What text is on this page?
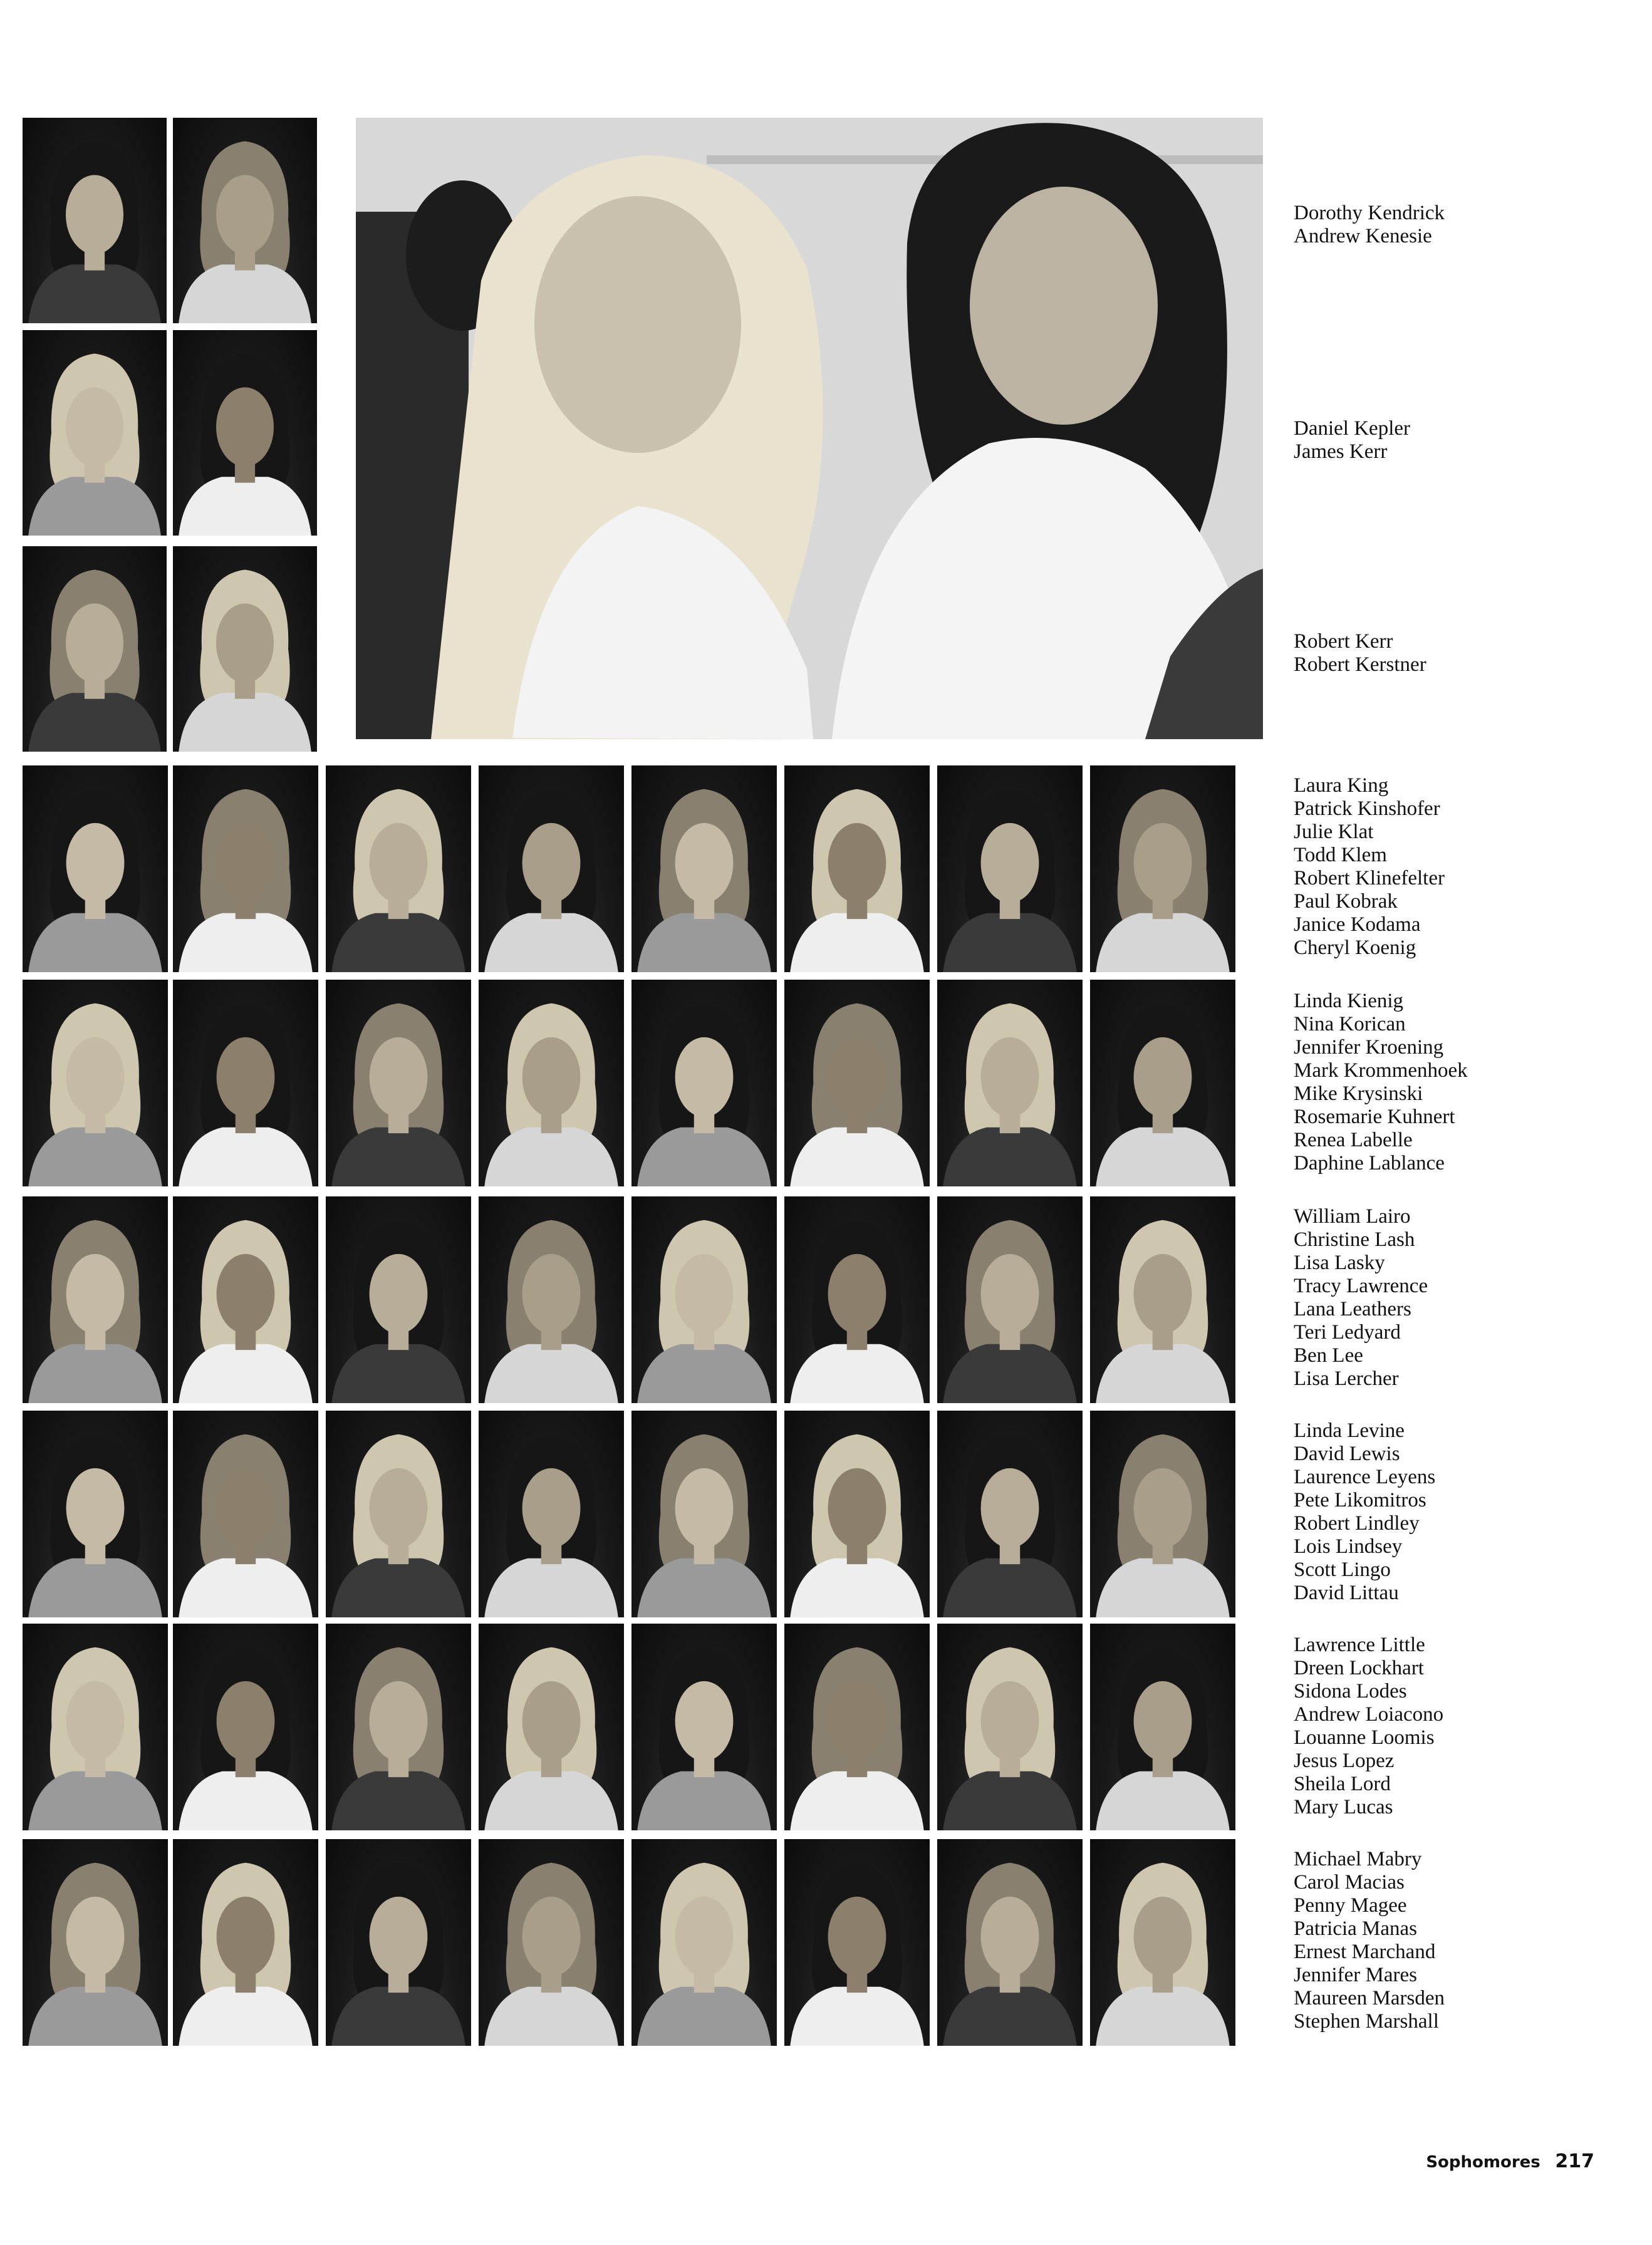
Dorothy Kendrick
Andrew Kenesie
Daniel Kepler
James Kerr
Robert Kerr
Robert Kerstner
Laura King
Patrick Kinshofer
Julie Klat
Todd Klem
Robert Klinefelter
Paul Kobrak
Janice Kodama
Cheryl Koenig
Linda Kienig
Nina Korican
Jennifer Kroening
Mark Krommenhoek
Mike Krysinski
Rosemarie Kuhnert
Renea Labelle
Daphine Lablance
William Lairo
Christine Lash
Lisa Lasky
Tracy Lawrence
Lana Leathers
Teri Ledyard
Ben Lee
Lisa Lercher
Linda Levine
David Lewis
Laurence Leyens
Pete Likomitros
Robert Lindley
Lois Lindsey
Scott Lingo
David Littau
Lawrence Little
Dreen Lockhart
Sidona Lodes
Andrew Loiacono
Louanne Loomis
Jesus Lopez
Sheila Lord
Mary Lucas
Michael Mabry
Carol Macias
Penny Magee
Patricia Manas
Ernest Marchand
Jennifer Mares
Maureen Marsden
Stephen Marshall
Sophomores 217
